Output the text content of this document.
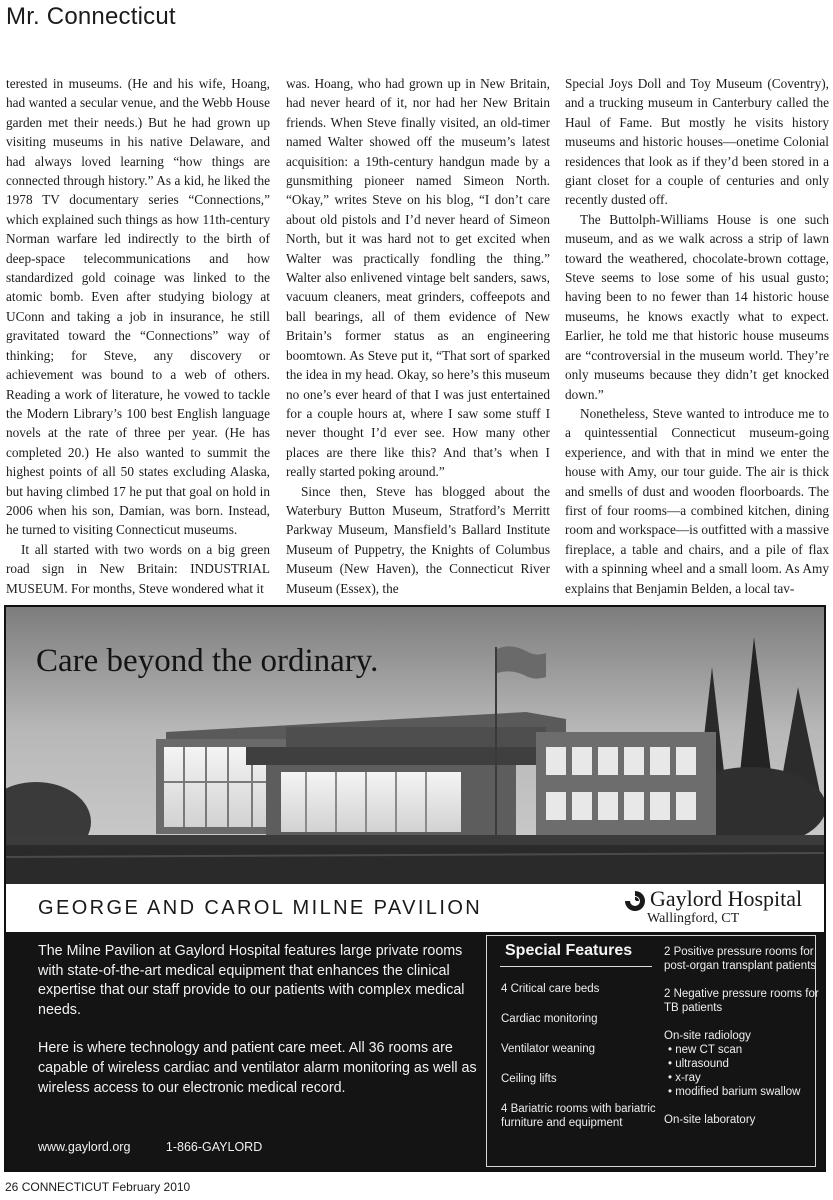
Mr. Connecticut

terested in museums. (He and his wife, Hoang, had wanted a secular venue, and the Webb House garden met their needs.) But he had grown up visiting museums in his native Delaware, and had always loved learning “how things are connected through history.” As a kid, he liked the 1978 TV documentary series “Connections,” which explained such things as how 11th-century Norman warfare led indirectly to the birth of deep-space telecommunications and how standardized gold coinage was linked to the atomic bomb. Even after studying biology at UConn and taking a job in insurance, he still gravitated toward the “Connections” way of thinking; for Steve, any discovery or achievement was bound to a web of others. Reading a work of literature, he vowed to tackle the Modern Library’s 100 best English language novels at the rate of three per year. (He has completed 20.) He also wanted to summit the highest points of all 50 states excluding Alaska, but having climbed 17 he put that goal on hold in 2006 when his son, Damian, was born. Instead, he turned to visiting Connecticut museums.

It all started with two words on a big green road sign in New Britain: INDUSTRIAL MUSEUM. For months, Steve wondered what it

was. Hoang, who had grown up in New Britain, had never heard of it, nor had her New Britain friends. When Steve finally visited, an old-timer named Walter showed off the museum’s latest acquisition: a 19th-century handgun made by a gunsmithing pioneer named Simeon North. “Okay,” writes Steve on his blog, “I don’t care about old pistols and I’d never heard of Simeon North, but it was hard not to get excited when Walter was practically fondling the thing.” Walter also enlivened vintage belt sanders, saws, vacuum cleaners, meat grinders, coffeepots and ball bearings, all of them evidence of New Britain’s former status as an engineering boomtown. As Steve put it, “That sort of sparked the idea in my head. Okay, so here’s this museum no one’s ever heard of that I was just entertained for a couple hours at, where I saw some stuff I never thought I’d ever see. How many other places are there like this? And that’s when I really started poking around.”

Since then, Steve has blogged about the Waterbury Button Museum, Stratford’s Merritt Parkway Museum, Mansfield’s Ballard Institute Museum of Puppetry, the Knights of Columbus Museum (New Haven), the Connecticut River Museum (Essex), the

Special Joys Doll and Toy Museum (Coventry), and a trucking museum in Canterbury called the Haul of Fame. But mostly he visits history museums and historic houses—onetime Colonial residences that look as if they’d been stored in a giant closet for a couple of centuries and only recently dusted off.

The Buttolph-Williams House is one such museum, and as we walk across a strip of lawn toward the weathered, chocolate-brown cottage, Steve seems to lose some of his usual gusto; having been to no fewer than 14 historic house museums, he knows exactly what to expect. Earlier, he told me that historic house museums are “controversial in the museum world. They’re only museums because they didn’t get knocked down.”

Nonetheless, Steve wanted to introduce me to a quintessential Connecticut museum-going experience, and with that in mind we enter the house with Amy, our tour guide. The air is thick and smells of dust and wooden floorboards. The first of four rooms—a combined kitchen, dining room and workspace—is outfitted with a massive fireplace, a table and chairs, and a pile of flax with a spinning wheel and a small loom. As Amy explains that Benjamin Belden, a local tav-

Care beyond the ordinary.
GEORGE AND CAROL MILNE PAVILION	Gaylord Hospital
Wallingford, CT

The Milne Pavilion at Gaylord Hospital features large private rooms with state-of-the-art medical equipment that enhances the clinical expertise that our staff provide to our patients with complex medical needs.

Here is where technology and patient care meet. All 36 rooms are capable of wireless cardiac and ventilator alarm monitoring as well as wireless access to our electronic medical record.

www.gaylord.org	1-866-GAYLORD
Special Features
4 Critical care beds
Cardiac monitoring
Ventilator weaning
Ceiling lifts
4 Bariatric rooms with bariatric furniture and equipment
2 Positive pressure rooms for post-organ transplant patients
2 Negative pressure rooms for TB patients
On-site radiology
• new CT scan
• ultrasound
• x-ray
• modified barium swallow
On-site laboratory
26 CONNECTICUT February 2010
